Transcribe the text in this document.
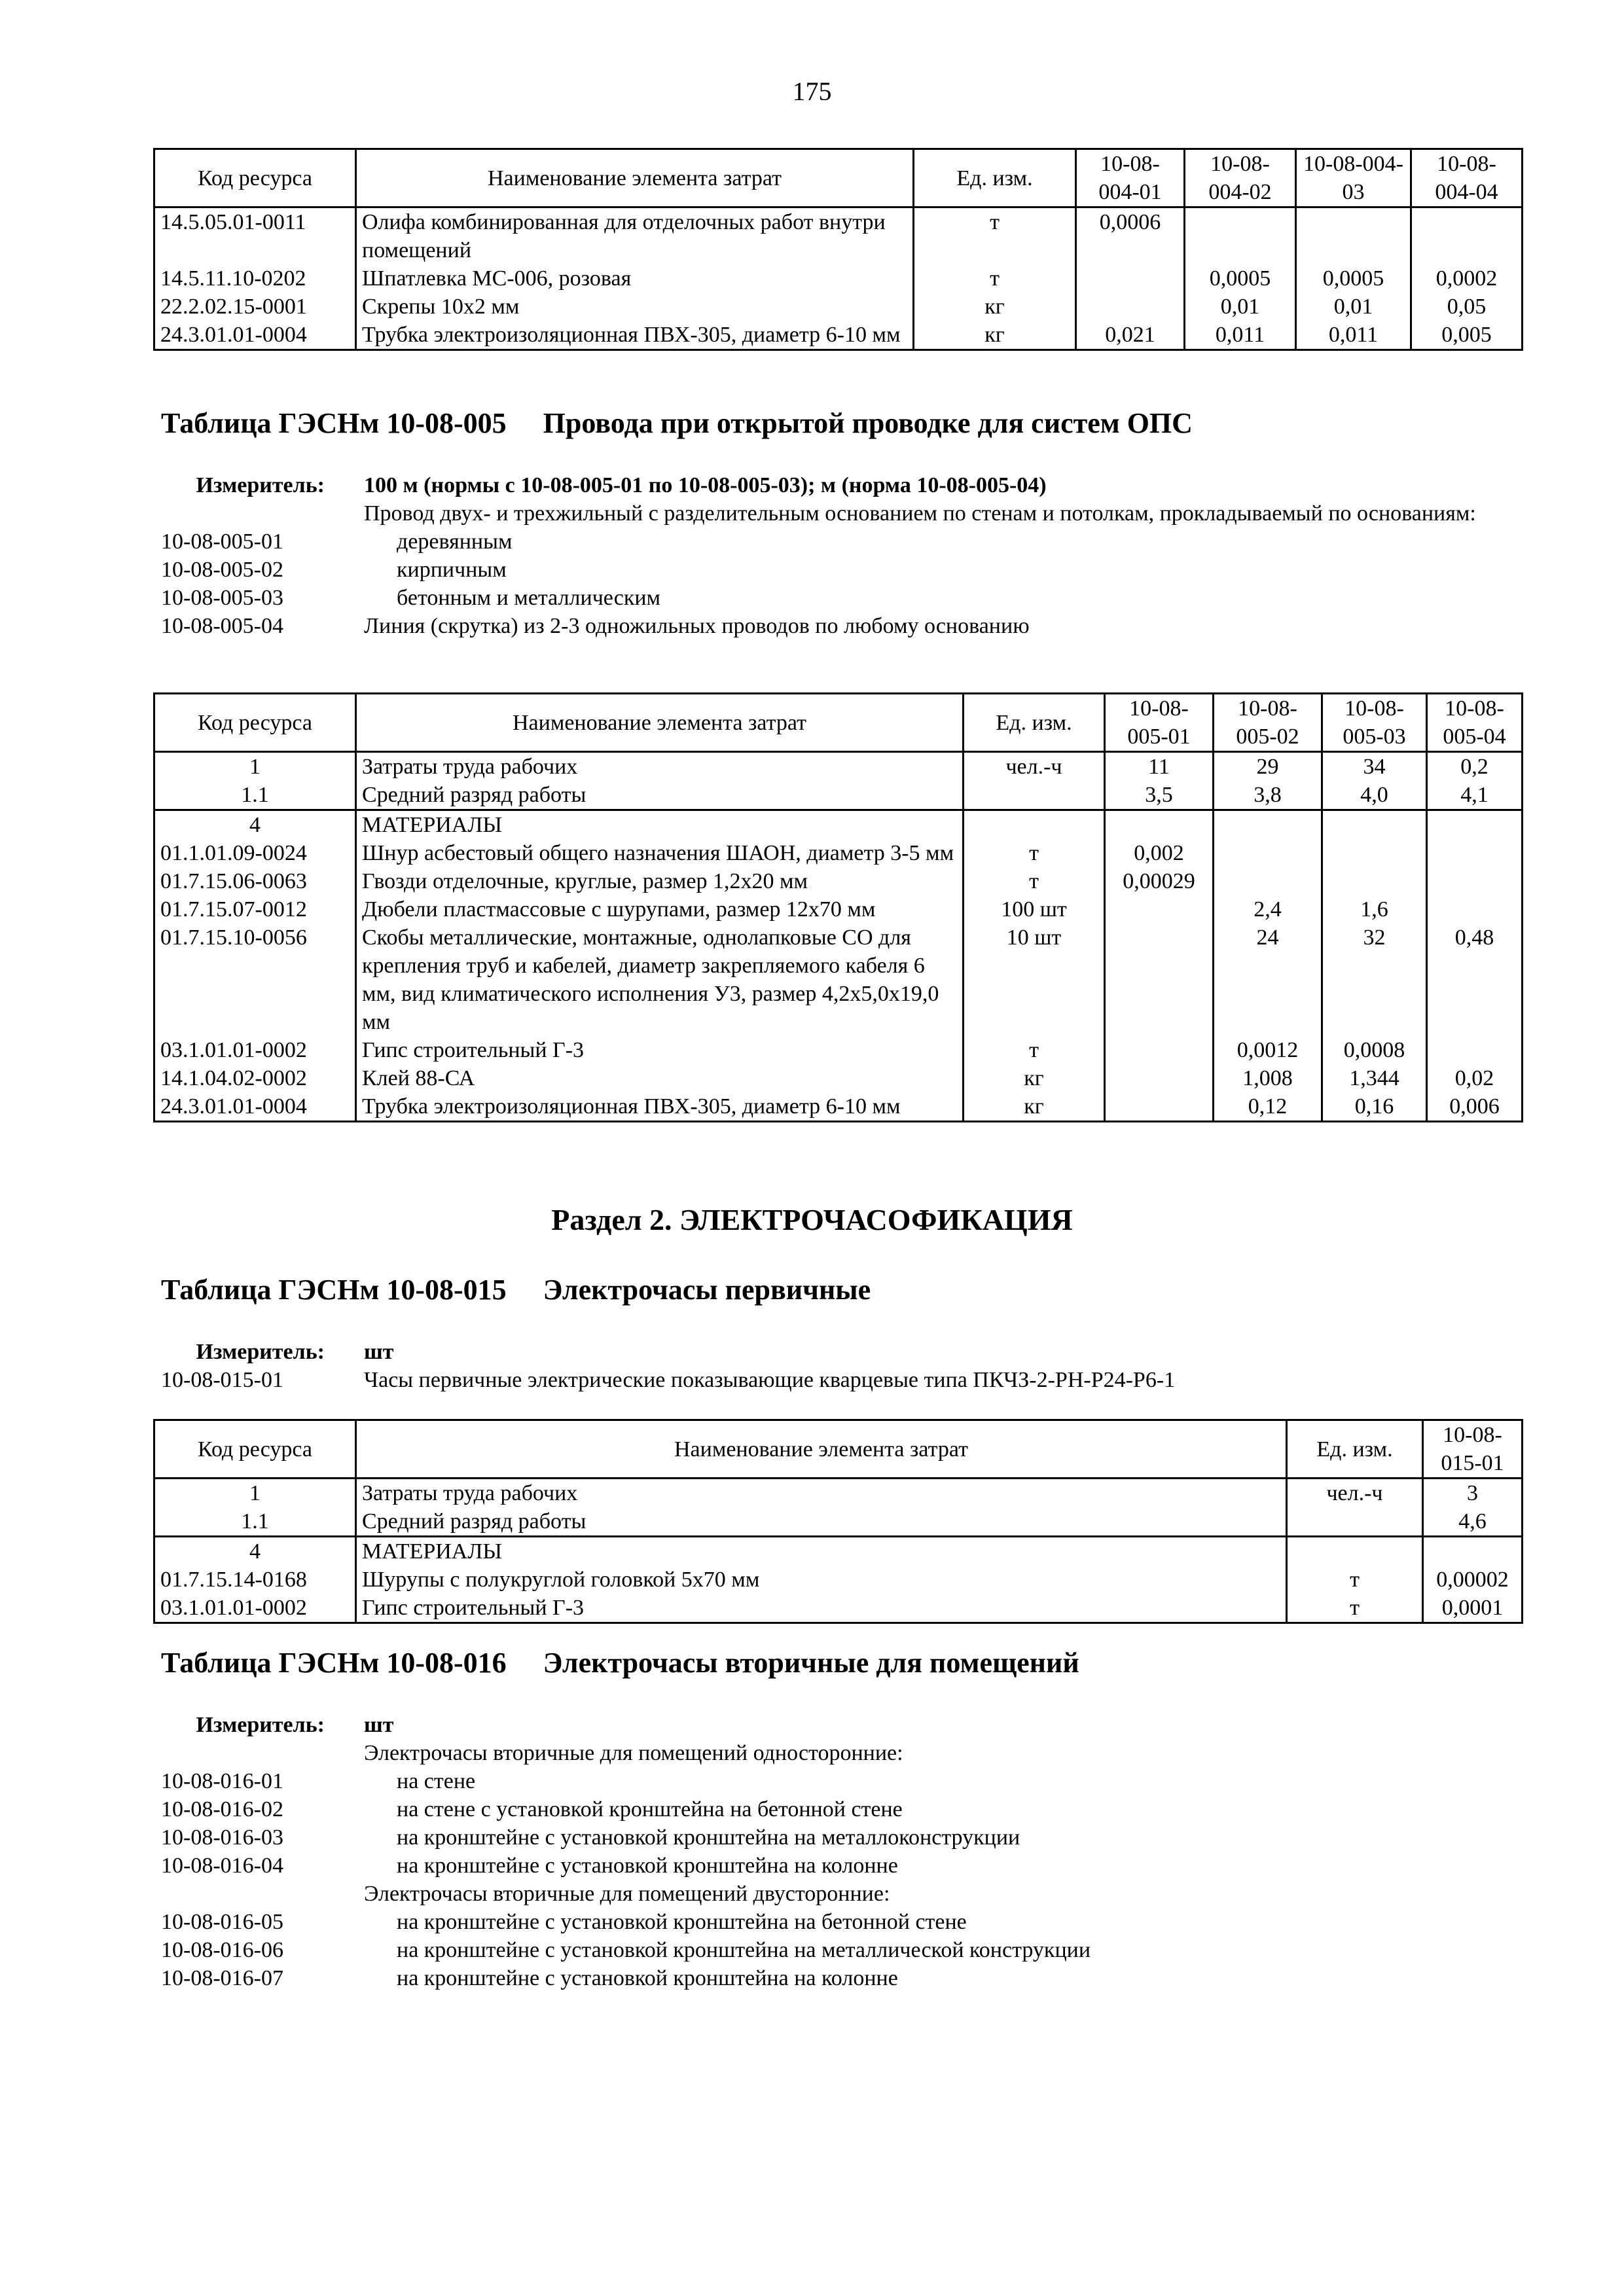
175
Код ресурса	Наименование элемента затрат	Ед. изм.	10-08-004-01	10-08-004-02	10-08-004-03	10-08-004-04
14.5.05.01-0011	Олифа комбинированная для отделочных работ внутри помещений	т	0,0006			
14.5.11.10-0202	Шпатлевка МС-006, розовая	т		0,0005	0,0005	0,0002
22.2.02.15-0001	Скрепы 10х2 мм	кг		0,01	0,01	0,05
24.3.01.01-0004	Трубка электроизоляционная ПВХ-305, диаметр 6-10 мм	кг	0,021	0,011	0,011	0,005
Таблица ГЭСНм 10-08-005 Провода при открытой проводке для систем ОПС
Измеритель:	100 м (нормы с 10-08-005-01 по 10-08-005-03); м (норма 10-08-005-04)
Провод двух- и трехжильный с разделительным основанием по стенам и потолкам, прокладываемый по основаниям:
10-08-005-01	деревянным
10-08-005-02	кирпичным
10-08-005-03	бетонным и металлическим
10-08-005-04	Линия (скрутка) из 2-3 одножильных проводов по любому основанию
Код ресурса	Наименование элемента затрат	Ед. изм.	10-08-005-01	10-08-005-02	10-08-005-03	10-08-005-04
1	Затраты труда рабочих	чел.-ч	11	29	34	0,2
1.1	Средний разряд работы		3,5	3,8	4,0	4,1
4	МАТЕРИАЛЫ					
01.1.01.09-0024	Шнур асбестовый общего назначения ШАОН, диаметр 3-5 мм	т	0,002			
01.7.15.06-0063	Гвозди отделочные, круглые, размер 1,2х20 мм	т	0,00029			
01.7.15.07-0012	Дюбели пластмассовые с шурупами, размер 12х70 мм	100 шт		2,4	1,6	
01.7.15.10-0056	Скобы металлические, монтажные, однолапковые СО для крепления труб и кабелей, диаметр закрепляемого кабеля 6 мм, вид климатического исполнения У3, размер 4,2х5,0х19,0 мм	10 шт		24	32	0,48
03.1.01.01-0002	Гипс строительный Г-3	т		0,0012	0,0008	
14.1.04.02-0002	Клей 88-СА	кг		1,008	1,344	0,02
24.3.01.01-0004	Трубка электроизоляционная ПВХ-305, диаметр 6-10 мм	кг		0,12	0,16	0,006
Раздел 2. ЭЛЕКТРОЧАСОФИКАЦИЯ
Таблица ГЭСНм 10-08-015 Электрочасы первичные
Измеритель:	шт
10-08-015-01	Часы первичные электрические показывающие кварцевые типа ПКЧЗ-2-РН-Р24-Р6-1
Код ресурса	Наименование элемента затрат	Ед. изм.	10-08-015-01
1	Затраты труда рабочих	чел.-ч	3
1.1	Средний разряд работы		4,6
4	МАТЕРИАЛЫ		
01.7.15.14-0168	Шурупы с полукруглой головкой 5х70 мм	т	0,00002
03.1.01.01-0002	Гипс строительный Г-3	т	0,0001
Таблица ГЭСНм 10-08-016 Электрочасы вторичные для помещений
Измеритель:	шт
Электрочасы вторичные для помещений односторонние:
10-08-016-01	на стене
10-08-016-02	на стене с установкой кронштейна на бетонной стене
10-08-016-03	на кронштейне с установкой кронштейна на металлоконструкции
10-08-016-04	на кронштейне с установкой кронштейна на колонне
Электрочасы вторичные для помещений двусторонние:
10-08-016-05	на кронштейне с установкой кронштейна на бетонной стене
10-08-016-06	на кронштейне с установкой кронштейна на металлической конструкции
10-08-016-07	на кронштейне с установкой кронштейна на колонне
